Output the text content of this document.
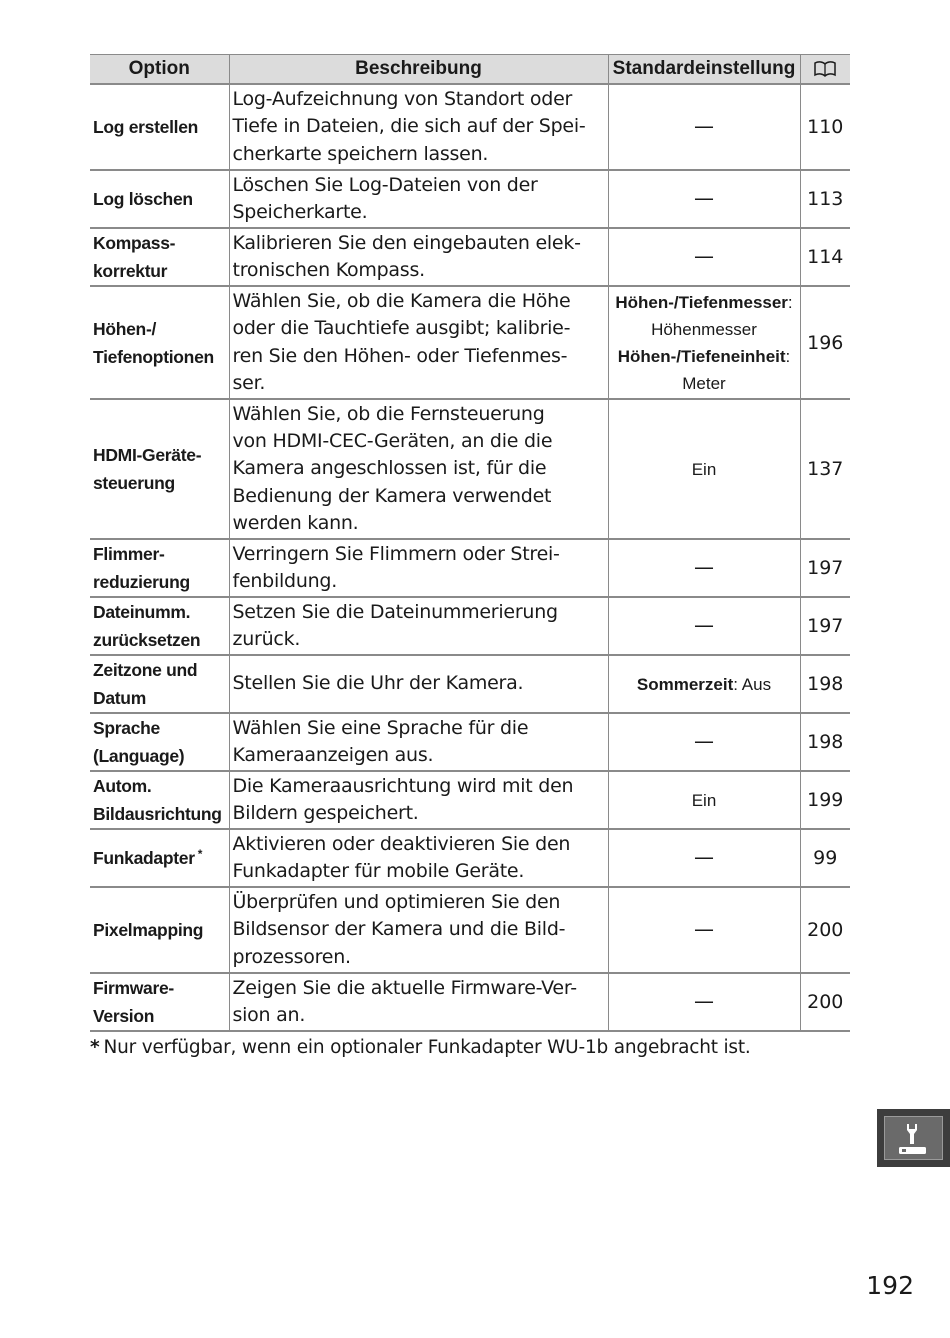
Option	Beschreibung	Standardeinstellung	
Log erstellen	Log-Aufzeichnung von Standort oder
Tiefe in Dateien, die sich auf der Spei-
cherkarte speichern lassen.	—	110
Log löschen	Löschen Sie Log-Dateien von der
Speicherkarte.	—	113
Kompass-
korrektur	Kalibrieren Sie den eingebauten elek-
tronischen Kompass.	—	114
Höhen-/
Tiefenoptionen	Wählen Sie, ob die Kamera die Höhe
oder die Tauchtiefe ausgibt; kalibrie-
ren Sie den Höhen- oder Tiefenmes-
ser.	Höhen-/Tiefenmesser:
Höhenmesser
Höhen-/Tiefeneinheit:
Meter	196
HDMI-Geräte-
steuerung	Wählen Sie, ob die Fernsteuerung
von HDMI-CEC-Geräten, an die die
Kamera angeschlossen ist, für die
Bedienung der Kamera verwendet
werden kann.	Ein	137
Flimmer-
reduzierung	Verringern Sie Flimmern oder Strei-
fenbildung.	—	197
Dateinumm.
zurücksetzen	Setzen Sie die Dateinummerierung
zurück.	—	197
Zeitzone und
Datum	Stellen Sie die Uhr der Kamera.	Sommerzeit: Aus	198
Sprache
(Language)	Wählen Sie eine Sprache für die
Kameraanzeigen aus.	—	198
Autom.
Bildausrichtung	Die Kameraausrichtung wird mit den
Bildern gespeichert.	Ein	199
Funkadapter *	Aktivieren oder deaktivieren Sie den
Funkadapter für mobile Geräte.	—	99
Pixelmapping	Überprüfen und optimieren Sie den
Bildsensor der Kamera und die Bild-
prozessoren.	—	200
Firmware-
Version	Zeigen Sie die aktuelle Firmware-Ver-
sion an.	—	200
* Nur verfügbar, wenn ein optionaler Funkadapter WU-1b angebracht ist.
192
